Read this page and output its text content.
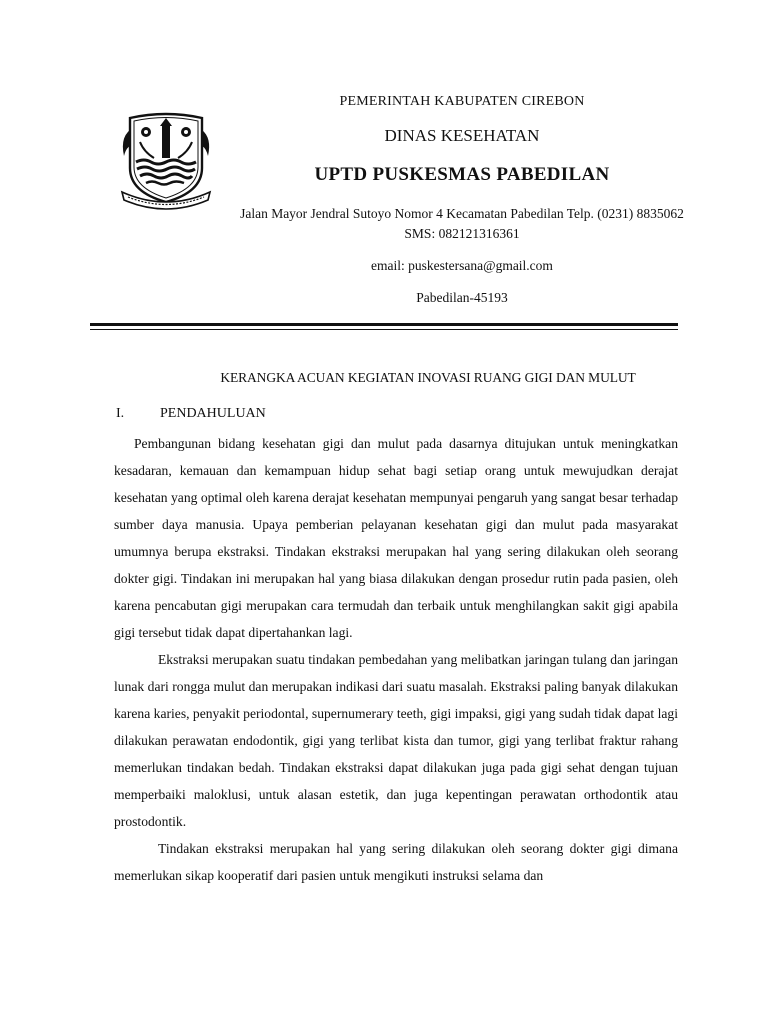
PEMERINTAH KABUPATEN CIREBON
DINAS KESEHATAN
UPTD PUSKESMAS PABEDILAN
Jalan Mayor Jendral Sutoyo Nomor 4 Kecamatan Pabedilan Telp. (0231) 8835062 SMS: 082121316361
email: puskestersana@gmail.com
Pabedilan-45193
KERANGKA ACUAN KEGIATAN INOVASI RUANG GIGI DAN MULUT
I.	PENDAHULUAN

Pembangunan bidang kesehatan gigi dan mulut pada dasarnya ditujukan untuk meningkatkan kesadaran, kemauan dan kemampuan hidup sehat bagi setiap orang untuk mewujudkan derajat kesehatan yang optimal oleh karena derajat kesehatan mempunyai pengaruh yang sangat besar terhadap sumber daya manusia. Upaya pemberian pelayanan kesehatan gigi dan mulut pada masyarakat umumnya berupa ekstraksi. Tindakan ekstraksi merupakan hal yang sering dilakukan oleh seorang dokter gigi. Tindakan ini merupakan hal yang biasa dilakukan dengan prosedur rutin pada pasien, oleh karena pencabutan gigi merupakan cara termudah dan terbaik untuk menghilangkan sakit gigi apabila gigi tersebut tidak dapat dipertahankan lagi.

Ekstraksi merupakan suatu tindakan pembedahan yang melibatkan jaringan tulang dan jaringan lunak dari rongga mulut dan merupakan indikasi dari suatu masalah. Ekstraksi paling banyak dilakukan karena karies, penyakit periodontal, supernumerary teeth, gigi impaksi, gigi yang sudah tidak dapat lagi dilakukan perawatan endodontik, gigi yang terlibat kista dan tumor, gigi yang terlibat fraktur rahang memerlukan tindakan bedah. Tindakan ekstraksi dapat dilakukan juga pada gigi sehat dengan tujuan memperbaiki maloklusi, untuk alasan estetik, dan juga kepentingan perawatan orthodontik atau prostodontik.

Tindakan ekstraksi merupakan hal yang sering dilakukan oleh seorang dokter gigi dimana memerlukan sikap kooperatif dari pasien untuk mengikuti instruksi selama dan
